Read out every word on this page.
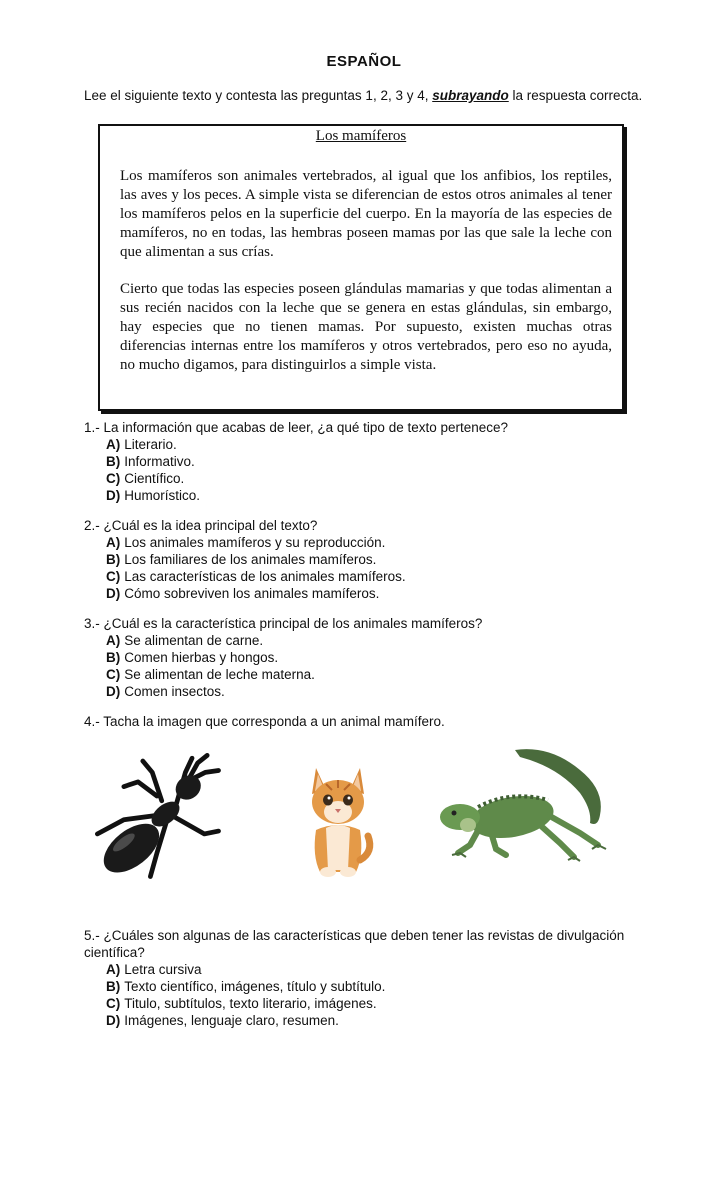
ESPAÑOL
Lee el siguiente texto y contesta las preguntas 1, 2, 3 y 4, subrayando la respuesta correcta.
Los mamíferos
Los mamíferos son animales vertebrados, al igual que los anfibios, los reptiles, las aves y los peces. A simple vista se diferencian de estos otros animales al tener los mamíferos pelos en la superficie del cuerpo. En la mayoría de las especies de mamíferos, no en todas, las hembras poseen mamas por las que sale la leche con que alimentan a sus crías.
Cierto que todas las especies poseen glándulas mamarias y que todas alimentan a sus recién nacidos con la leche que se genera en estas glándulas, sin embargo, hay especies que no tienen mamas. Por supuesto, existen muchas otras diferencias internas entre los mamíferos y otros vertebrados, pero eso no ayuda, no mucho digamos, para distinguirlos a simple vista.
1.- La información que acabas de leer, ¿a qué tipo de texto pertenece?
A) Literario.
B) Informativo.
C) Científico.
D) Humorístico.
2.- ¿Cuál es la idea principal del texto?
A) Los animales mamíferos y su reproducción.
B) Los familiares de los animales mamíferos.
C) Las características de los animales mamíferos.
D) Cómo sobreviven los animales mamíferos.
3.- ¿Cuál es la característica principal de los animales mamíferos?
A) Se alimentan de carne.
B) Comen hierbas y hongos.
C) Se alimentan de leche materna.
D) Comen insectos.
4.- Tacha la imagen que corresponda a un animal mamífero.
5.- ¿Cuáles son algunas de las características que deben tener las revistas de divulgación científica?
A) Letra cursiva
B) Texto científico, imágenes, título y subtítulo.
C) Titulo, subtítulos, texto literario, imágenes.
D) Imágenes, lenguaje claro, resumen.
